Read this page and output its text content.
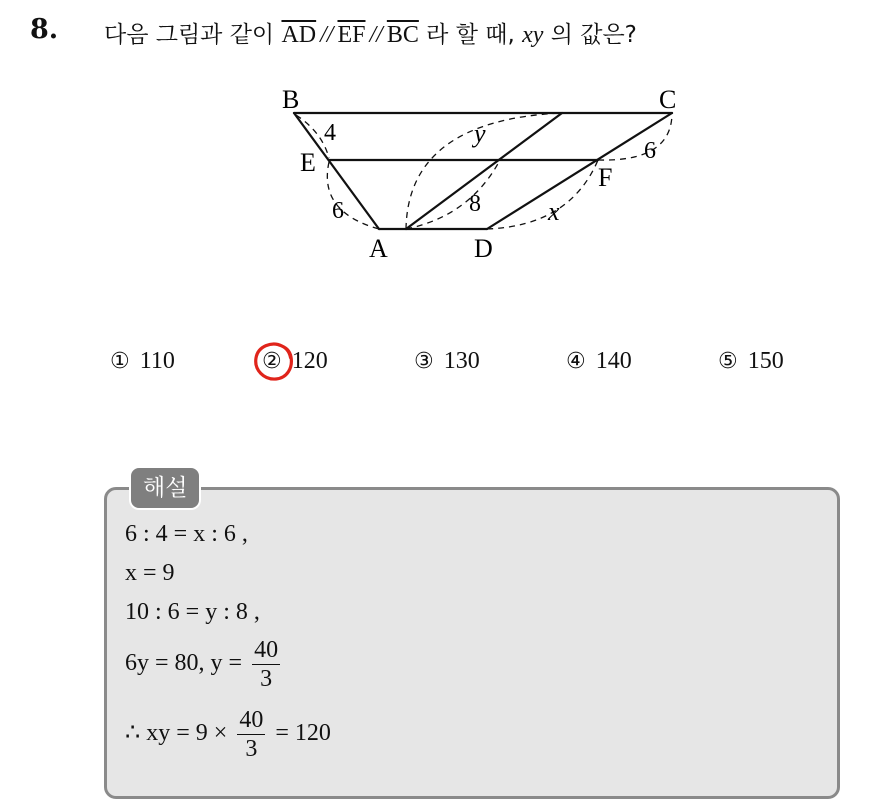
8. 다음 그림과 같이 $\overline{AD} // \overline{EF} // \overline{BC}$ 라 할 때, xy 의 값은?
B	C
E
F
A	D
4
6	8
y
x
6
① 110	② 120	③ 130	④ 140	⑤ 150
해설
6 : 4 = x : 6 ,
x = 9
10 : 6 = y : 8 ,
6y = 80, $y = \frac{40}{3}$
∴ xy = $9 \times \frac{40}{3} = 120$
